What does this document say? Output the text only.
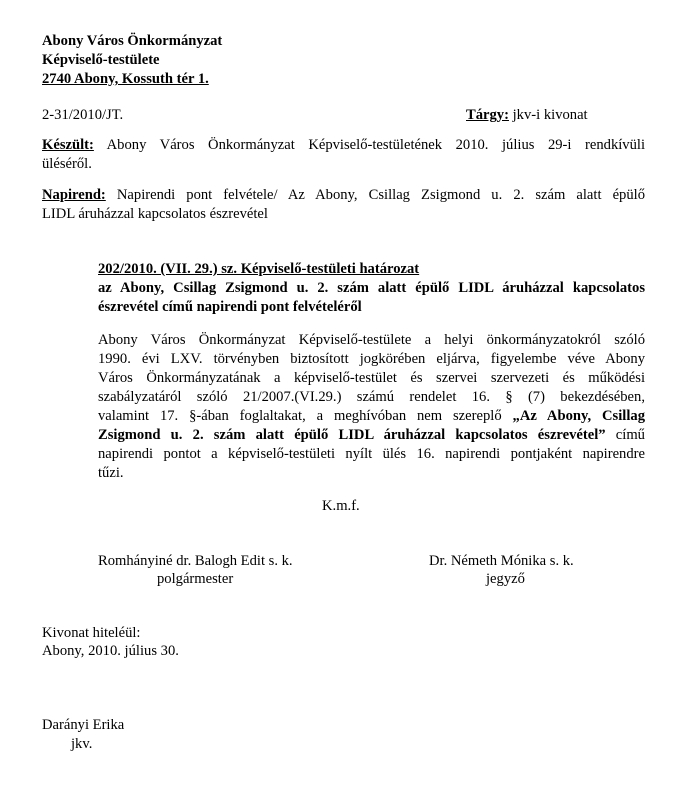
Abony Város Önkormányzat
Képviselő-testülete
2740 Abony, Kossuth tér 1.
2-31/2010/JT.	Tárgy: jkv-i kivonat
Készült: Abony Város Önkormányzat Képviselő-testületének 2010. július 29-i rendkívüli
üléséről.
Napirend: Napirendi pont felvétele/ Az Abony, Csillag Zsigmond u. 2. szám alatt épülő
LIDL áruházzal kapcsolatos észrevétel
202/2010. (VII. 29.) sz. Képviselő-testületi határozat
az Abony, Csillag Zsigmond u. 2. szám alatt épülő LIDL áruházzal kapcsolatos
észrevétel című napirendi pont felvételéről
Abony Város Önkormányzat Képviselő-testülete a helyi önkormányzatokról szóló
1990. évi LXV. törvényben biztosított jogkörében eljárva, figyelembe véve Abony
Város Önkormányzatának a képviselő-testület és szervei szervezeti és működési
szabályzatáról szóló 21/2007.(VI.29.) számú rendelet 16. § (7) bekezdésében,
valamint 17. §-ában foglaltakat, a meghívóban nem szereplő „Az Abony, Csillag
Zsigmond u. 2. szám alatt épülő LIDL áruházzal kapcsolatos észrevétel” című
napirendi pontot a képviselő-testületi nyílt ülés 16. napirendi pontjaként napirendre
tűzi.
K.m.f.
Romhányiné dr. Balogh Edit s. k.
polgármester
Dr. Németh Mónika s. k.
jegyző
Kivonat hiteléül:
Abony, 2010. július 30.
Darányi Erika
jkv.
